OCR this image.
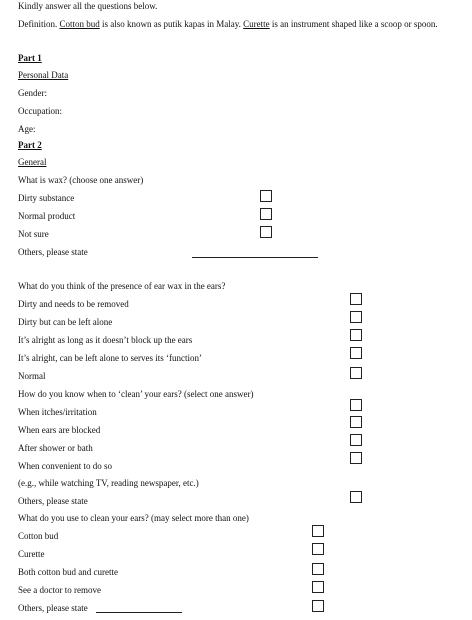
Kindly answer all the questions below.
Definition. Cotton bud is also known as putik kapas in Malay. Curette is an instrument shaped like a scoop or spoon.
Part 1
Personal Data
Gender:
Occupation:
Age:
Part 2
General
What is wax? (choose one answer)
Dirty substance
Normal product
Not sure
Others, please state
What do you think of the presence of ear wax in the ears?
Dirty and needs to be removed
Dirty but can be left alone
It’s alright as long as it doesn’t block up the ears
It’s alright, can be left alone to serves its ‘function’
Normal
How do you know when to ‘clean’ your ears? (select one answer)
When itches/irritation
When ears are blocked
After shower or bath
When convenient to do so
(e.g., while watching TV, reading newspaper, etc.)
Others, please state
What do you use to clean your ears? (may select more than one)
Cotton bud
Curette
Both cotton bud and curette
See a doctor to remove
Others, please state
